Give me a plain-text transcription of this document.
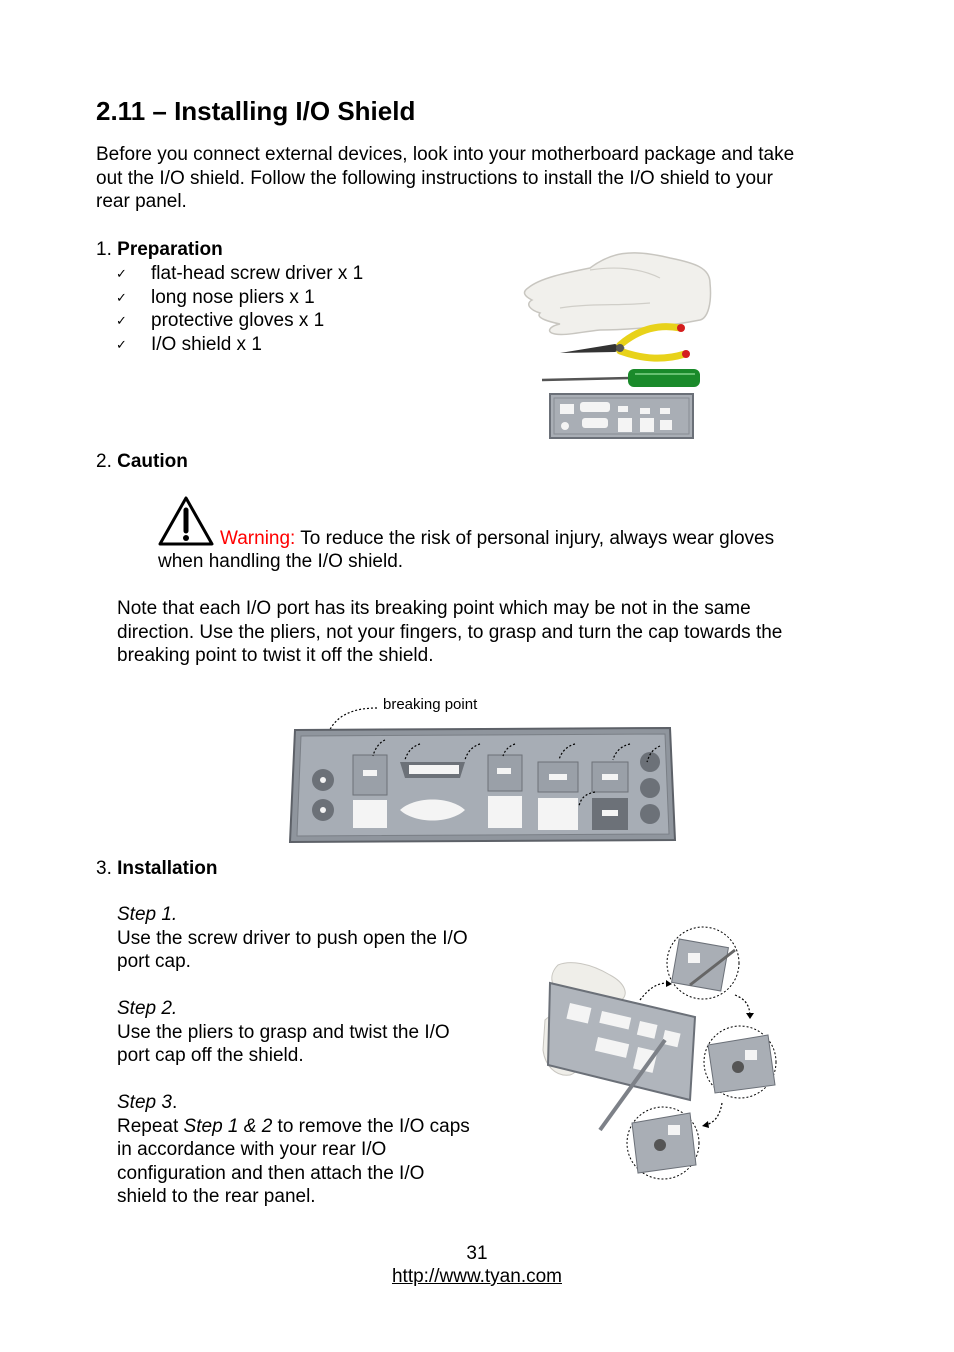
2.11 – Installing I/O Shield
Before you connect external devices, look into your motherboard package and take
out the I/O shield. Follow the following instructions to install the I/O shield to your
rear panel.
1. Preparation
✓	flat-head screw driver x 1
✓	long nose pliers x 1
✓	protective gloves x 1
✓	I/O shield x 1
2. Caution
Warning: To reduce the risk of personal injury, always wear gloves
when handling the I/O shield.
Note that each I/O port has its breaking point which may be not in the same
direction. Use the pliers, not your fingers, to grasp and turn the cap towards the
breaking point to twist it off the shield.
breaking point
3. Installation
Step 1.
Use the screw driver to push open the I/O
port cap.
Step 2.
Use the pliers to grasp and twist the I/O
port cap off the shield.
Step 3.
Repeat Step 1 & 2 to remove the I/O caps
in accordance with your rear I/O
configuration and then attach the I/O
shield to the rear panel.
31
http://www.tyan.com
